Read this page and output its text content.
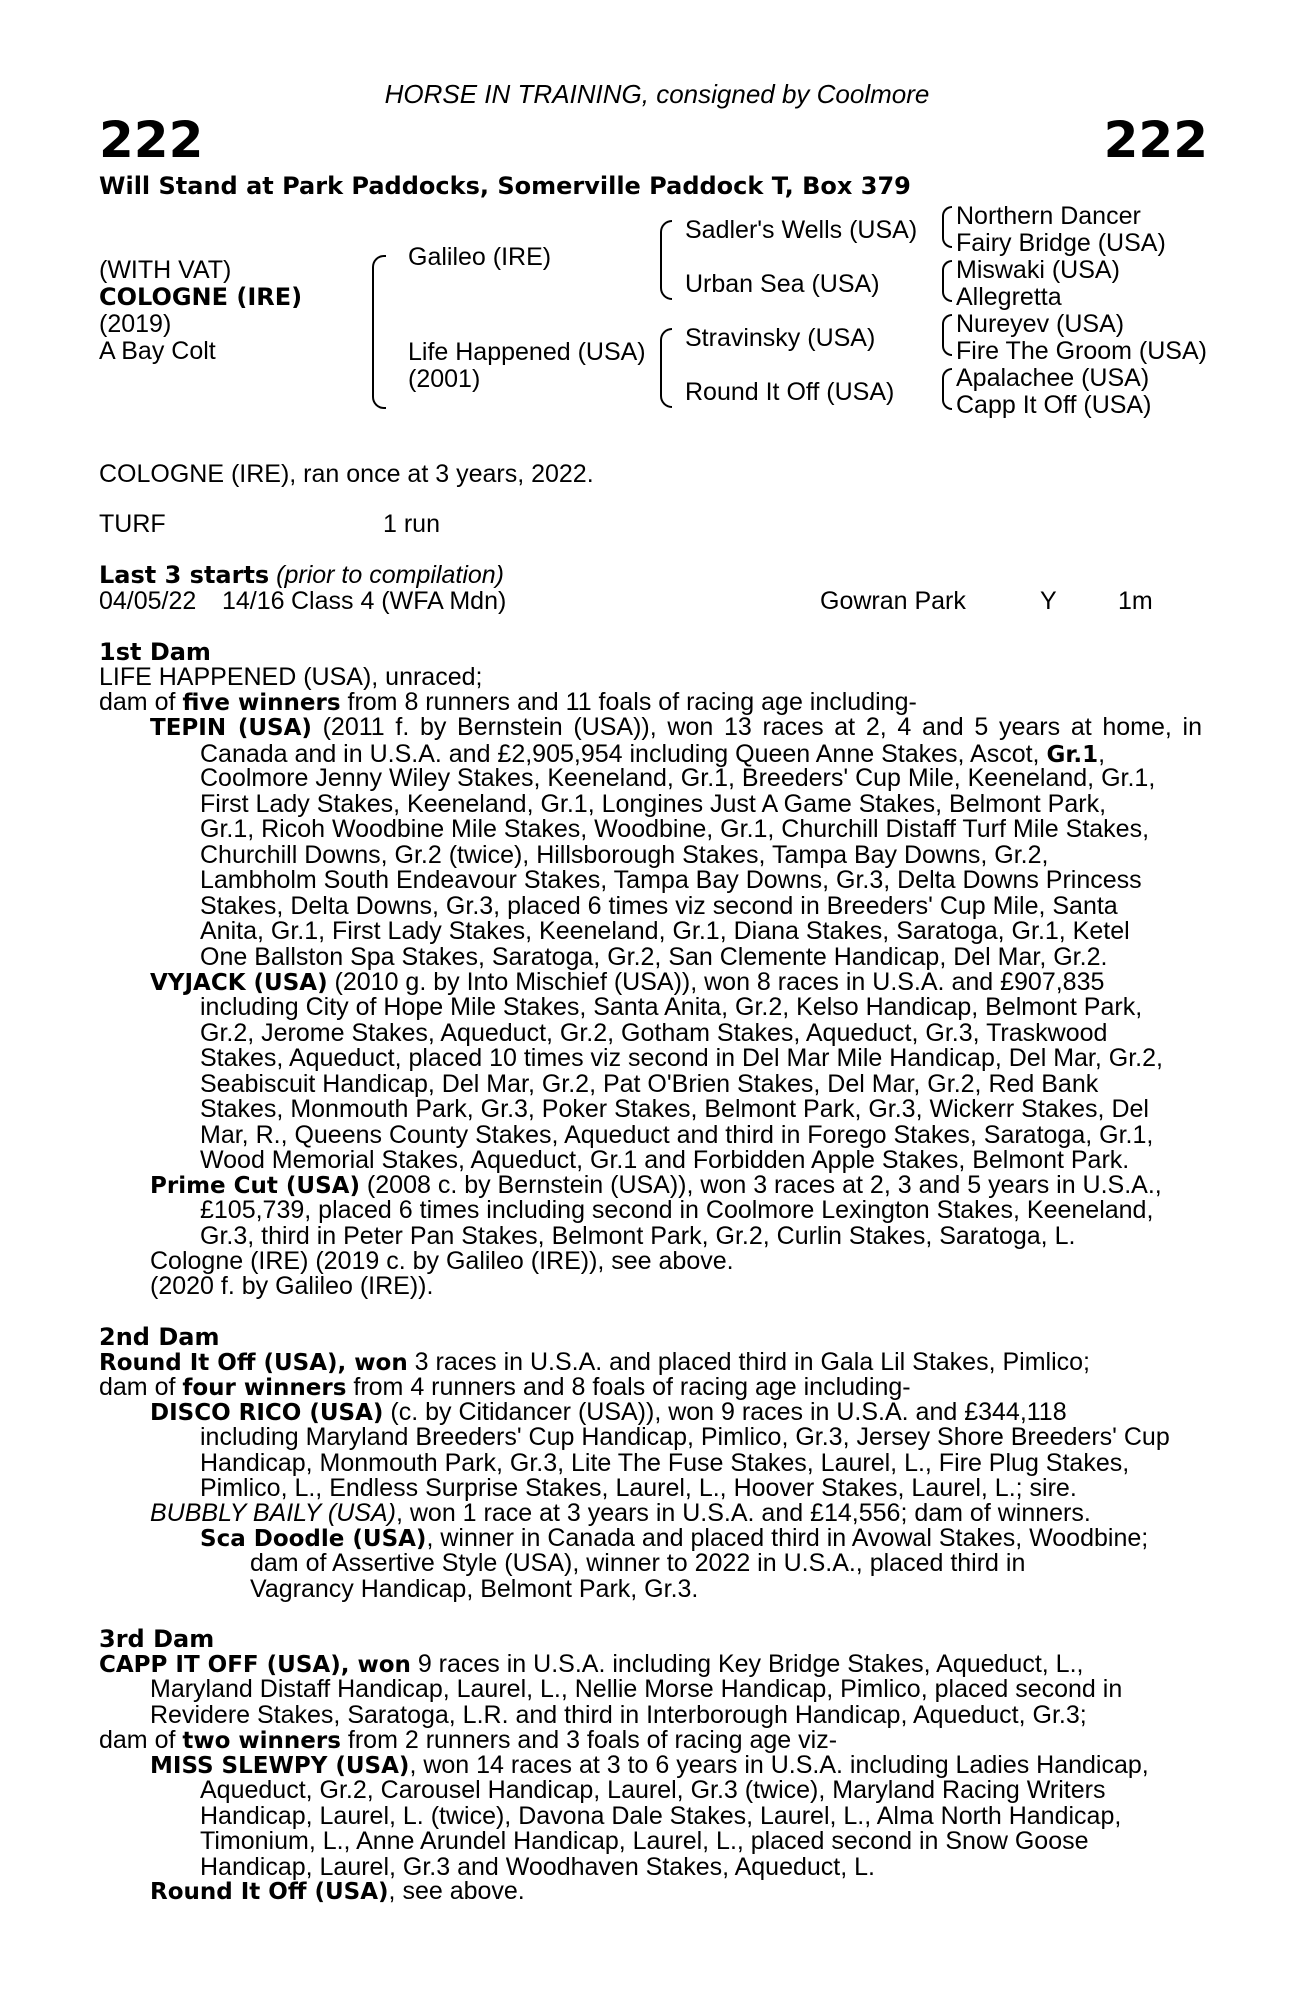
HORSE IN TRAINING, consigned by Coolmore
222	222
Will Stand at Park Paddocks, Somerville Paddock T, Box 379
(WITH VAT)
COLOGNE (IRE)
(2019)
A Bay Colt
Galileo (IRE)
Life Happened (USA)
(2001)
Sadler's Wells (USA)
Urban Sea (USA)
Stravinsky (USA)
Round It Off (USA)
Northern Dancer
Fairy Bridge (USA)
Miswaki (USA)
Allegretta
Nureyev (USA)
Fire The Groom (USA)
Apalachee (USA)
Capp It Off (USA)
COLOGNE (IRE), ran once at 3 years, 2022.
TURF	1 run
Last 3 starts (prior to compilation)
04/05/22 14/16 Class 4 (WFA Mdn)	Gowran Park	Y 1m
1st Dam
LIFE HAPPENED (USA), unraced;
dam of five winners from 8 runners and 11 foals of racing age including-
TEPIN (USA) (2011 f. by Bernstein (USA)), won 13 races at 2, 4 and 5 years at home, in Canada and in U.S.A. and £2,905,954 including Queen Anne Stakes, Ascot, Gr.1,
Coolmore Jenny Wiley Stakes, Keeneland, Gr.1, Breeders' Cup Mile, Keeneland, Gr.1,
First Lady Stakes, Keeneland, Gr.1, Longines Just A Game Stakes, Belmont Park,
Gr.1, Ricoh Woodbine Mile Stakes, Woodbine, Gr.1, Churchill Distaff Turf Mile Stakes,
Churchill Downs, Gr.2 (twice), Hillsborough Stakes, Tampa Bay Downs, Gr.2,
Lambholm South Endeavour Stakes, Tampa Bay Downs, Gr.3, Delta Downs Princess
Stakes, Delta Downs, Gr.3, placed 6 times viz second in Breeders' Cup Mile, Santa
Anita, Gr.1, First Lady Stakes, Keeneland, Gr.1, Diana Stakes, Saratoga, Gr.1, Ketel
One Ballston Spa Stakes, Saratoga, Gr.2, San Clemente Handicap, Del Mar, Gr.2.
VYJACK (USA) (2010 g. by Into Mischief (USA)), won 8 races in U.S.A. and £907,835
including City of Hope Mile Stakes, Santa Anita, Gr.2, Kelso Handicap, Belmont Park,
Gr.2, Jerome Stakes, Aqueduct, Gr.2, Gotham Stakes, Aqueduct, Gr.3, Traskwood
Stakes, Aqueduct, placed 10 times viz second in Del Mar Mile Handicap, Del Mar, Gr.2,
Seabiscuit Handicap, Del Mar, Gr.2, Pat O'Brien Stakes, Del Mar, Gr.2, Red Bank
Stakes, Monmouth Park, Gr.3, Poker Stakes, Belmont Park, Gr.3, Wickerr Stakes, Del
Mar, R., Queens County Stakes, Aqueduct and third in Forego Stakes, Saratoga, Gr.1,
Wood Memorial Stakes, Aqueduct, Gr.1 and Forbidden Apple Stakes, Belmont Park.
Prime Cut (USA) (2008 c. by Bernstein (USA)), won 3 races at 2, 3 and 5 years in U.S.A.,
£105,739, placed 6 times including second in Coolmore Lexington Stakes, Keeneland,
Gr.3, third in Peter Pan Stakes, Belmont Park, Gr.2, Curlin Stakes, Saratoga, L.
Cologne (IRE) (2019 c. by Galileo (IRE)), see above.
(2020 f. by Galileo (IRE)).
2nd Dam
Round It Off (USA), won 3 races in U.S.A. and placed third in Gala Lil Stakes, Pimlico;
dam of four winners from 4 runners and 8 foals of racing age including-
DISCO RICO (USA) (c. by Citidancer (USA)), won 9 races in U.S.A. and £344,118
including Maryland Breeders' Cup Handicap, Pimlico, Gr.3, Jersey Shore Breeders' Cup
Handicap, Monmouth Park, Gr.3, Lite The Fuse Stakes, Laurel, L., Fire Plug Stakes,
Pimlico, L., Endless Surprise Stakes, Laurel, L., Hoover Stakes, Laurel, L.; sire.
BUBBLY BAILY (USA), won 1 race at 3 years in U.S.A. and £14,556; dam of winners.
Sca Doodle (USA), winner in Canada and placed third in Avowal Stakes, Woodbine;
dam of Assertive Style (USA), winner to 2022 in U.S.A., placed third in
Vagrancy Handicap, Belmont Park, Gr.3.
3rd Dam
CAPP IT OFF (USA), won 9 races in U.S.A. including Key Bridge Stakes, Aqueduct, L.,
Maryland Distaff Handicap, Laurel, L., Nellie Morse Handicap, Pimlico, placed second in
Revidere Stakes, Saratoga, L.R. and third in Interborough Handicap, Aqueduct, Gr.3;
dam of two winners from 2 runners and 3 foals of racing age viz-
MISS SLEWPY (USA), won 14 races at 3 to 6 years in U.S.A. including Ladies Handicap,
Aqueduct, Gr.2, Carousel Handicap, Laurel, Gr.3 (twice), Maryland Racing Writers
Handicap, Laurel, L. (twice), Davona Dale Stakes, Laurel, L., Alma North Handicap,
Timonium, L., Anne Arundel Handicap, Laurel, L., placed second in Snow Goose
Handicap, Laurel, Gr.3 and Woodhaven Stakes, Aqueduct, L.
Round It Off (USA), see above.
